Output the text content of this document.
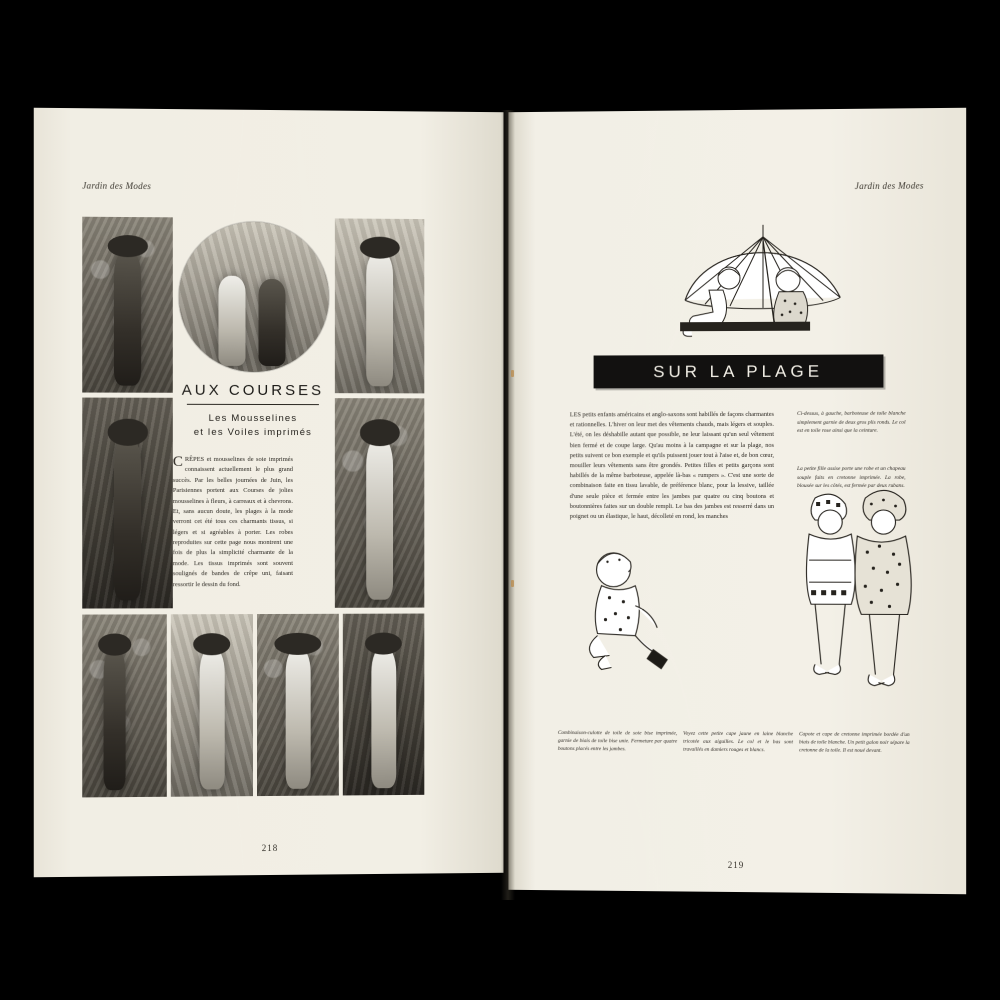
Jardin des Modes
AUX COURSES
Les Mousselines
et les Voiles imprimés
CRÊPES et mousselines de soie imprimés connaissent actuellement le plus grand succès. Par les belles journées de Juin, les Parisiennes portent aux Courses de jolies mousselines à fleurs, à carreaux et à chevrons. Et, sans aucun doute, les plages à la mode verront cet été tous ces charmants tissus, si légers et si agréables à porter. Les robes reproduites sur cette page nous montrent une fois de plus la simplicité charmante de la mode. Les tissus imprimés sont souvent soulignés de bandes de crêpe uni, faisant ressortir le dessin du fond.
218
Jardin des Modes
SUR LA PLAGE
LES petits enfants américains et anglo-saxons sont habillés de façons charmantes et rationnelles. L'hiver on leur met des vêtements chauds, mais légers et souples. L'été, on les déshabille autant que possible, ne leur laissant qu'un seul vêtement bien fermé et de coupe large. Qu'au moins à la campagne et sur la plage, nos petits suivent ce bon exemple et qu'ils puissent jouer tout à l'aise et, de bon cœur, mouiller leurs vêtements sans être grondés. Petites filles et petits garçons sont habillés de la même barboteuse, appelée là-bas « rumpers ». C'est une sorte de combinaison faite en tissu lavable, de préférence blanc, pour la lessive, taillée d'une seule pièce et fermée entre les jambes par quatre ou cinq boutons et boutonnières faites sur un double rempli. Le bas des jambes est resserré dans un poignet ou un élastique, le haut, décolleté en rond, les manches
Ci-dessus, à gauche, barboteuse de toile blanche simplement garnie de deux gros plis ronds. Le col est en toile rose ainsi que la ceinture.
La petite fille assise porte une robe et un chapeau souple faits en cretonne imprimée. La robe, blousée sur les côtés, est fermée par deux rubans.
Combinaison-culotte de toile de soie bise imprimée, garnie de biais de toile bise unie. Fermeture par quatre boutons placés entre les jambes.
Voyez cette petite cape jaune en laine blanche tricotée aux aiguilles. Le col et le bas sont travaillés en damiers rouges et blancs.
Capote et cape de cretonne imprimée bordée d'un biais de toile blanche. Un petit galon noir sépare la cretonne de la toile. Il est noué devant.
219
